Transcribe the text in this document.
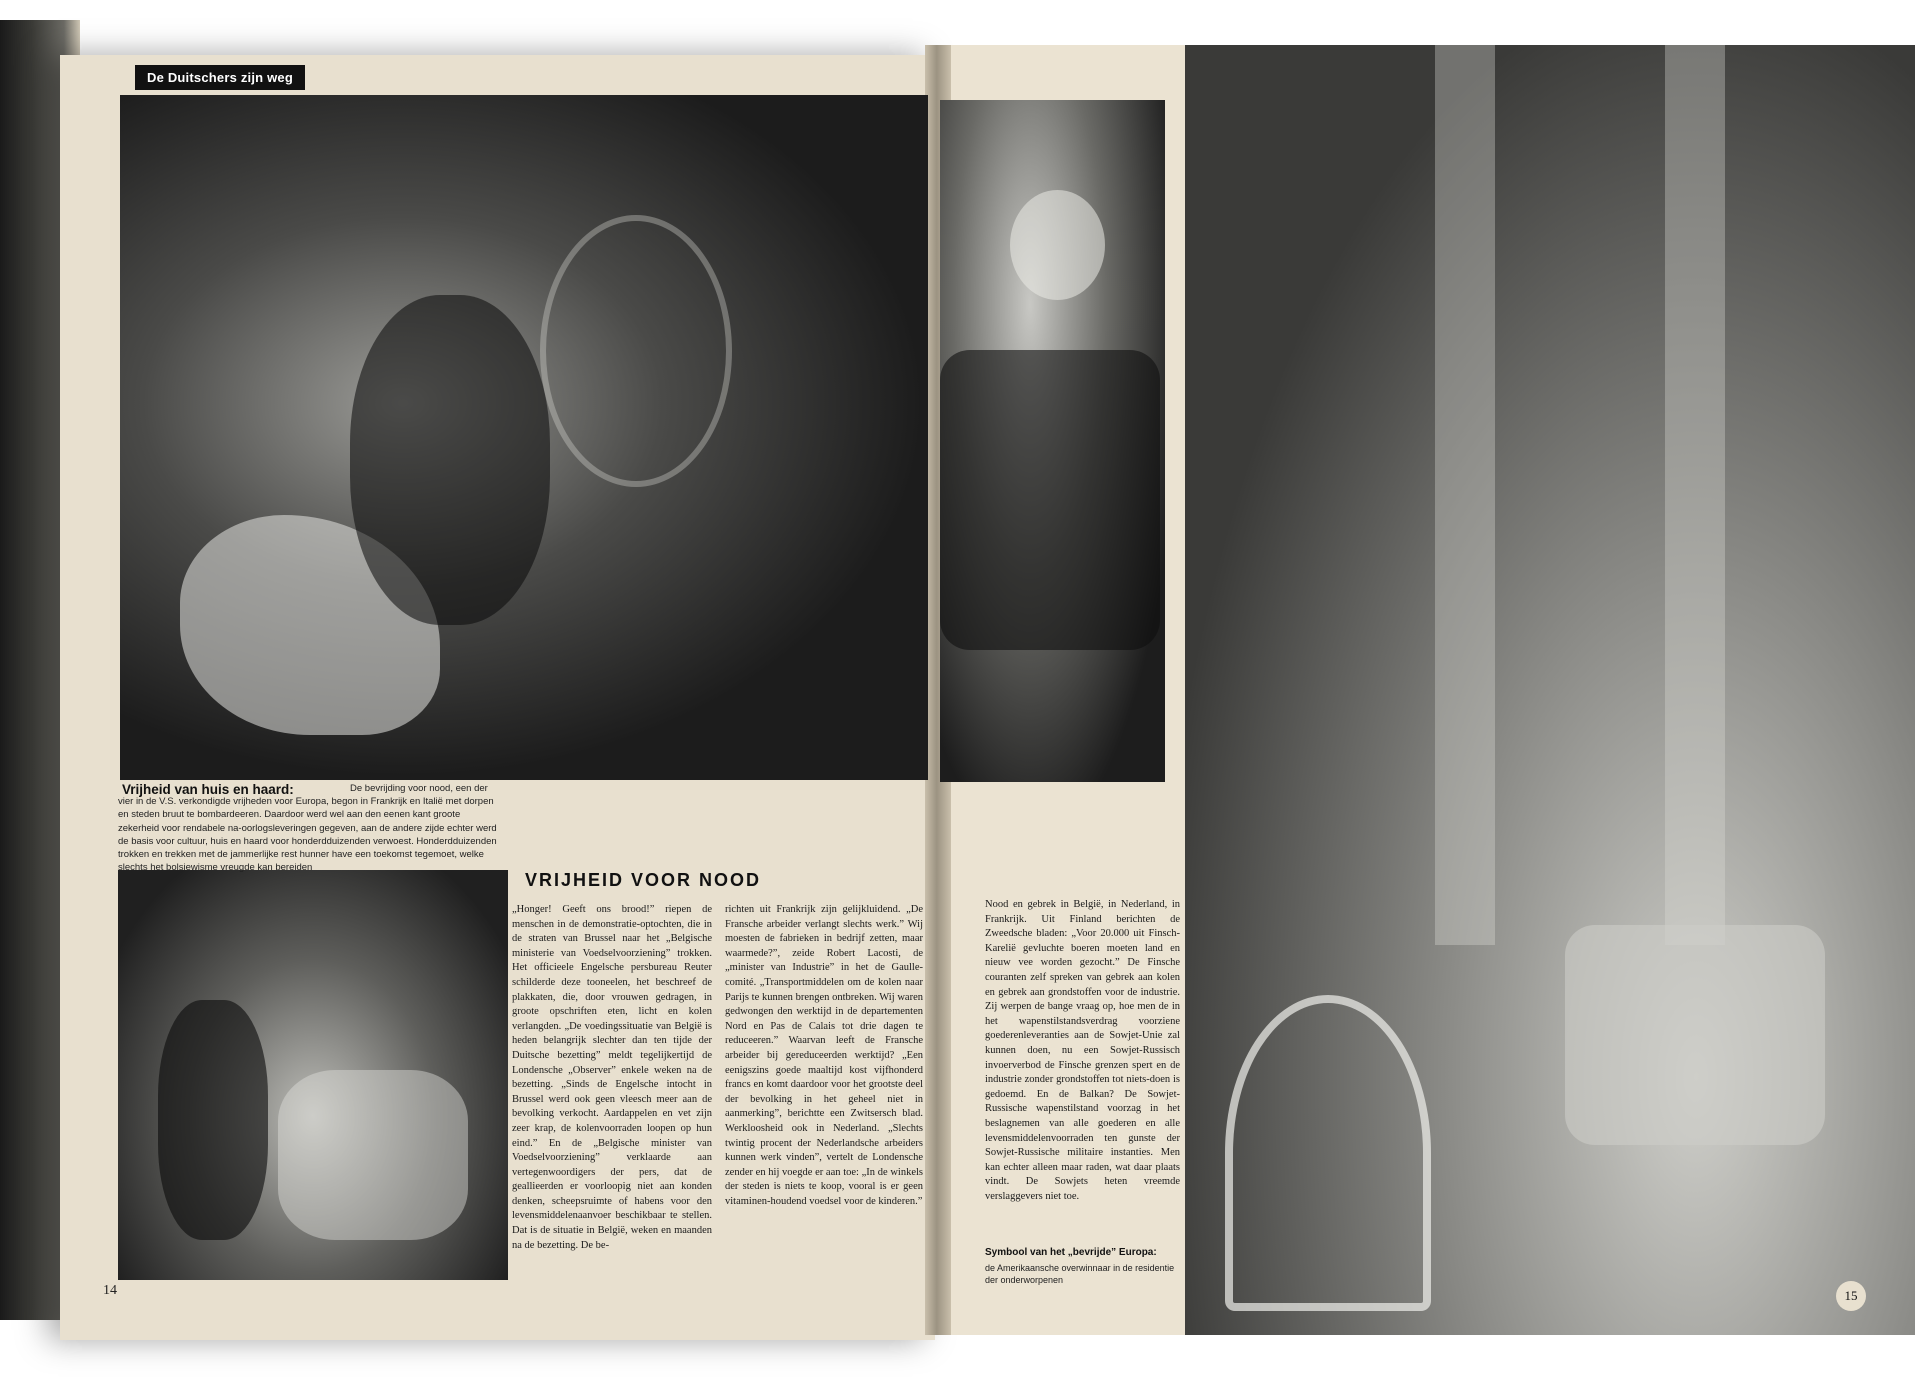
De Duitschers zijn weg
Vrijheid van huis en haard:	De bevrijding voor nood, een der vier in de V.S. verkondigde vrijheden voor Europa, begon in Frankrijk en Italië met dorpen en steden bruut te bombardeeren. Daardoor werd wel aan den eenen kant groote zekerheid voor rendabele na-oorlogsleveringen gegeven, aan de andere zijde echter werd de basis voor cultuur, huis en haard voor honderdduizenden verwoest. Honderdduizenden trokken en trekken met de jammerlijke rest hunner have een toekomst tegemoet, welke slechts het bolsjewisme vreugde kan bereiden
VRIJHEID VOOR NOOD
„Honger! Geeft ons brood!” riepen de menschen in de demonstratie-optochten, die in de straten van Brussel naar het „Belgische ministerie van Voedselvoorziening” trokken. Het officieele Engelsche persbureau Reuter schilderde deze tooneelen, het beschreef de plakkaten, die, door vrouwen gedragen, in groote opschriften eten, licht en kolen verlangden. „De voedingssituatie van België is heden belangrijk slechter dan ten tijde der Duitsche bezetting” meldt tegelijkertijd de Londensche „Observer” enkele weken na de bezetting. „Sinds de Engelsche intocht in Brussel werd ook geen vleesch meer aan de bevolking verkocht. Aardappelen en vet zijn zeer krap, de kolenvoorraden loopen op hun eind.” En de „Belgische minister van Voedselvoorziening” verklaarde aan vertegenwoordigers der pers, dat de geallieerden er voorloopig niet aan konden denken, scheepsruimte of habens voor den levensmiddelenaanvoer beschikbaar te stellen. Dat is de situatie in België, weken en maanden na de bezetting. De be-
richten uit Frankrijk zijn gelijkluidend. „De Fransche arbeider verlangt slechts werk.” Wij moesten de fabrieken in bedrijf zetten, maar waarmede?”, zeide Robert Lacosti, de „minister van Industrie” in het de Gaulle-comité. „Transportmiddelen om de kolen naar Parijs te kunnen brengen ontbreken. Wij waren gedwongen den werktijd in de departementen Nord en Pas de Calais tot drie dagen te reduceeren.” Waarvan leeft de Fransche arbeider bij gereduceerden werktijd? „Een eenigszins goede maaltijd kost vijfhonderd francs en komt daardoor voor het grootste deel der bevolking in het geheel niet in aanmerking”, berichtte een Zwitsersch blad. Werkloosheid ook in Nederland. „Slechts twintig procent der Nederlandsche arbeiders kunnen werk vinden”, vertelt de Londensche zender en hij voegde er aan toe: „In de winkels der steden is niets te koop, vooral is er geen vitaminen-houdend voedsel voor de kinderen.”
Nood en gebrek in België, in Nederland, in Frankrijk. Uit Finland berichten de Zweedsche bladen: „Voor 20.000 uit Finsch-Karelië gevluchte boeren moeten land en nieuw vee worden gezocht.” De Finsche couranten zelf spreken van gebrek aan kolen en gebrek aan grondstoffen voor de industrie. Zij werpen de bange vraag op, hoe men de in het wapenstilstandsverdrag voorziene goederenleveranties aan de Sowjet-Unie zal kunnen doen, nu een Sowjet-Russisch invoerverbod de Finsche grenzen spert en de industrie zonder grondstoffen tot niets-doen is gedoemd. En de Balkan? De Sowjet-Russische wapenstilstand voorzag in het beslagnemen van alle goederen en alle levensmiddelenvoorraden ten gunste der Sowjet-Russische militaire instanties. Men kan echter alleen maar raden, wat daar plaats vindt. De Sowjets heten vreemde verslaggevers niet toe.
Symbool van het „bevrijde” Europa:
de Amerikaansche overwinnaar in de residentie der onderworpenen
14	15
